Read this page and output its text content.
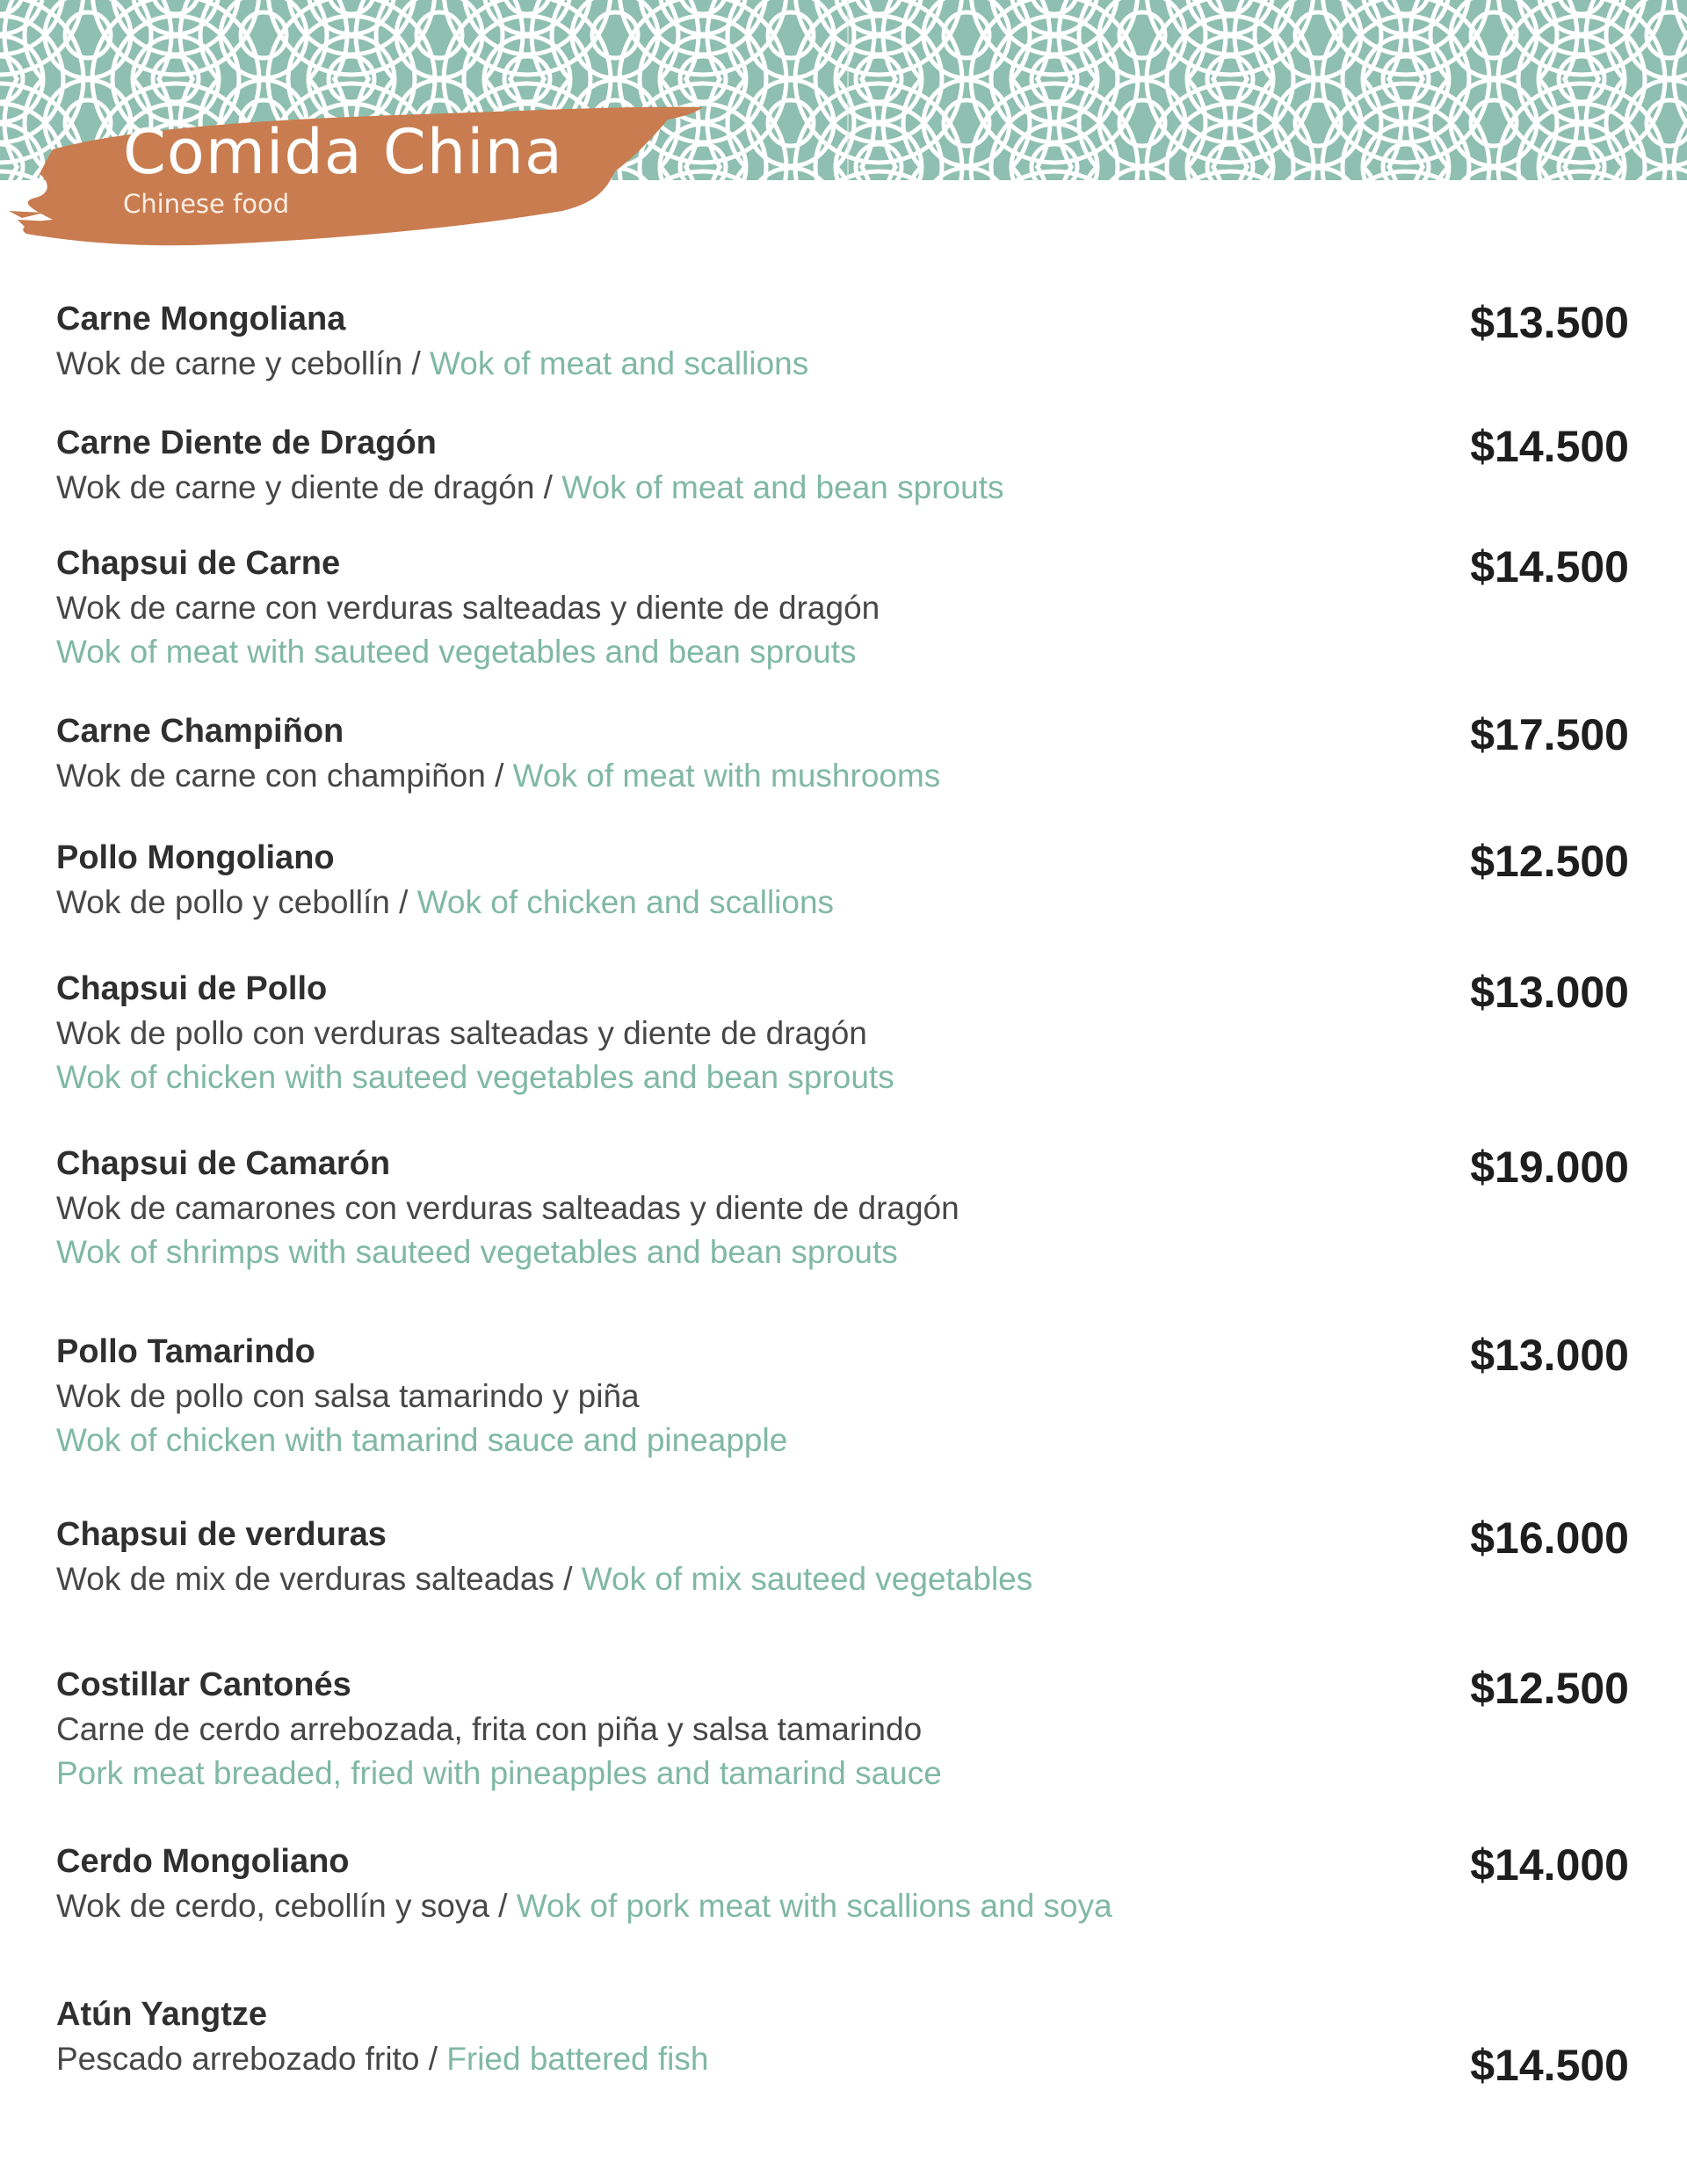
Comida China
Chinese food
$13.500
Carne Mongoliana
Wok de carne y cebollín / Wok of meat and scallions
$14.500
Carne Diente de Dragón
Wok de carne y diente de dragón / Wok of meat and bean sprouts
$14.500
Chapsui de Carne
Wok de carne con verduras salteadas y diente de dragón
Wok of meat with sauteed vegetables and bean sprouts
$17.500
Carne Champiñon
Wok de carne con champiñon / Wok of meat with mushrooms
$12.500
Pollo Mongoliano
Wok de pollo y cebollín / Wok of chicken and scallions
$13.000
Chapsui de Pollo
Wok de pollo con verduras salteadas y diente de dragón
Wok of chicken with sauteed vegetables and bean sprouts
$19.000
Chapsui de Camarón
Wok de camarones con verduras salteadas y diente de dragón
Wok of shrimps with sauteed vegetables and bean sprouts
$13.000
Pollo Tamarindo
Wok de pollo con salsa tamarindo y piña
Wok of chicken with tamarind sauce and pineapple
$16.000
Chapsui de verduras
Wok de mix de verduras salteadas / Wok of mix sauteed vegetables
$12.500
Costillar Cantonés
Carne de cerdo arrebozada, frita con piña y salsa tamarindo
Pork meat breaded, fried with pineapples and tamarind sauce
$14.000
Cerdo Mongoliano
Wok de cerdo, cebollín y soya / Wok of pork meat with scallions and soya
$14.500
Atún Yangtze
Pescado arrebozado frito / Fried battered fish
